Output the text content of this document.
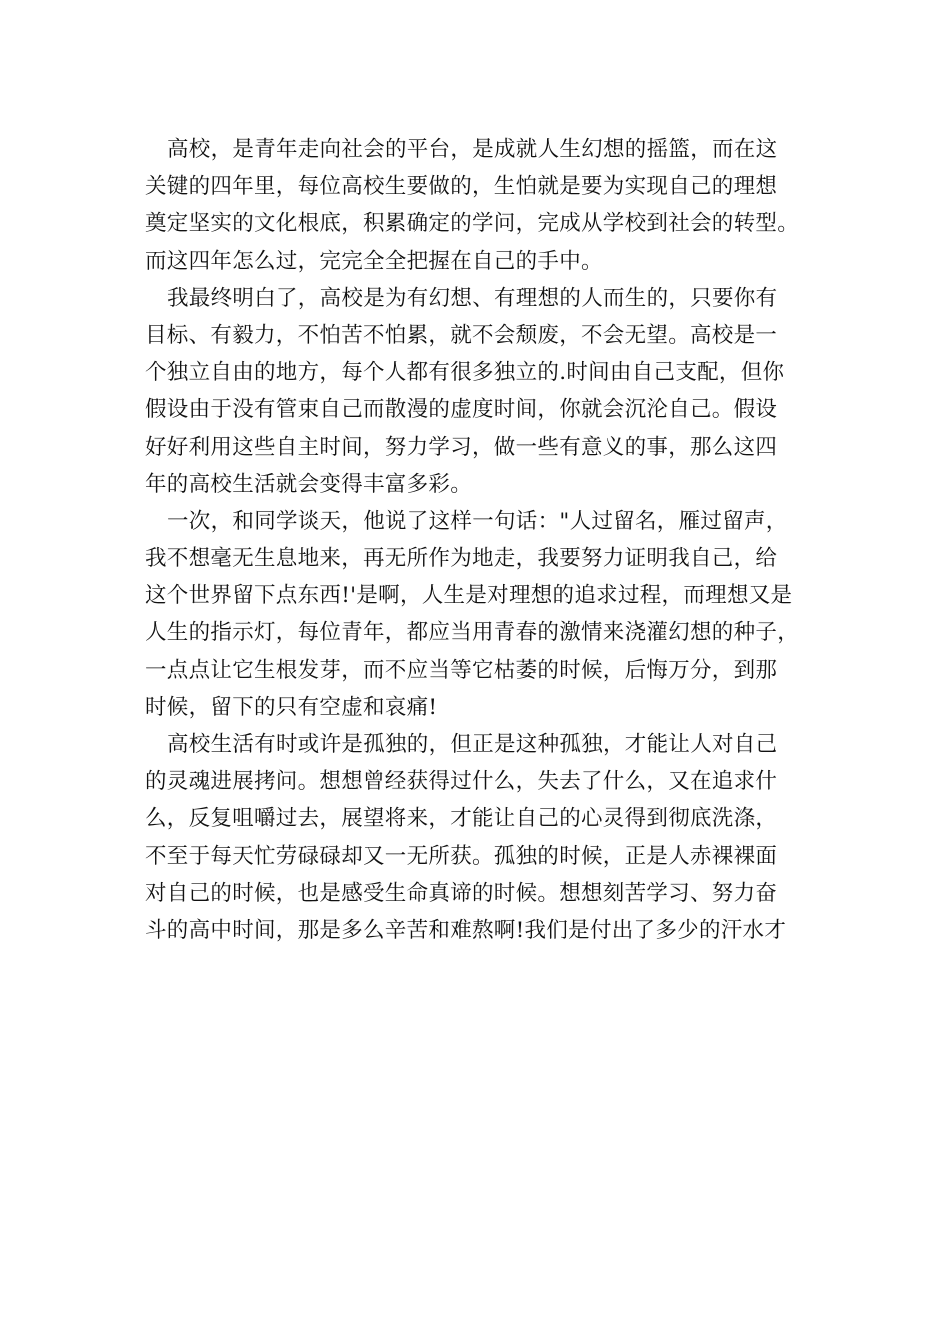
高校，是青年走向社会的平台，是成就人生幻想的摇篮，而在这
关键的四年里，每位高校生要做的，生怕就是要为实现自己的理想
奠定坚实的文化根底，积累确定的学问，完成从学校到社会的转型。
而这四年怎么过，完完全全把握在自己的手中。
我最终明白了，高校是为有幻想、有理想的人而生的，只要你有
目标、有毅力，不怕苦不怕累，就不会颓废，不会无望。高校是一
个独立自由的地方，每个人都有很多独立的.时间由自己支配，但你
假设由于没有管束自己而散漫的虚度时间，你就会沉沦自己。假设
好好利用这些自主时间，努力学习，做一些有意义的事，那么这四
年的高校生活就会变得丰富多彩。
一次，和同学谈天，他说了这样一句话："人过留名，雁过留声，
我不想毫无生息地来，再无所作为地走，我要努力证明我自己，给
这个世界留下点东西!'是啊，人生是对理想的追求过程，而理想又是
人生的指示灯，每位青年，都应当用青春的激情来浇灌幻想的种子，
一点点让它生根发芽，而不应当等它枯萎的时候，后悔万分，到那
时候，留下的只有空虚和哀痛!
高校生活有时或许是孤独的，但正是这种孤独，才能让人对自己
的灵魂进展拷问。想想曾经获得过什么，失去了什么，又在追求什
么，反复咀嚼过去，展望将来，才能让自己的心灵得到彻底洗涤，
不至于每天忙劳碌碌却又一无所获。孤独的时候，正是人赤裸裸面
对自己的时候，也是感受生命真谛的时候。想想刻苦学习、努力奋
斗的高中时间，那是多么辛苦和难熬啊!我们是付出了多少的汗水才
